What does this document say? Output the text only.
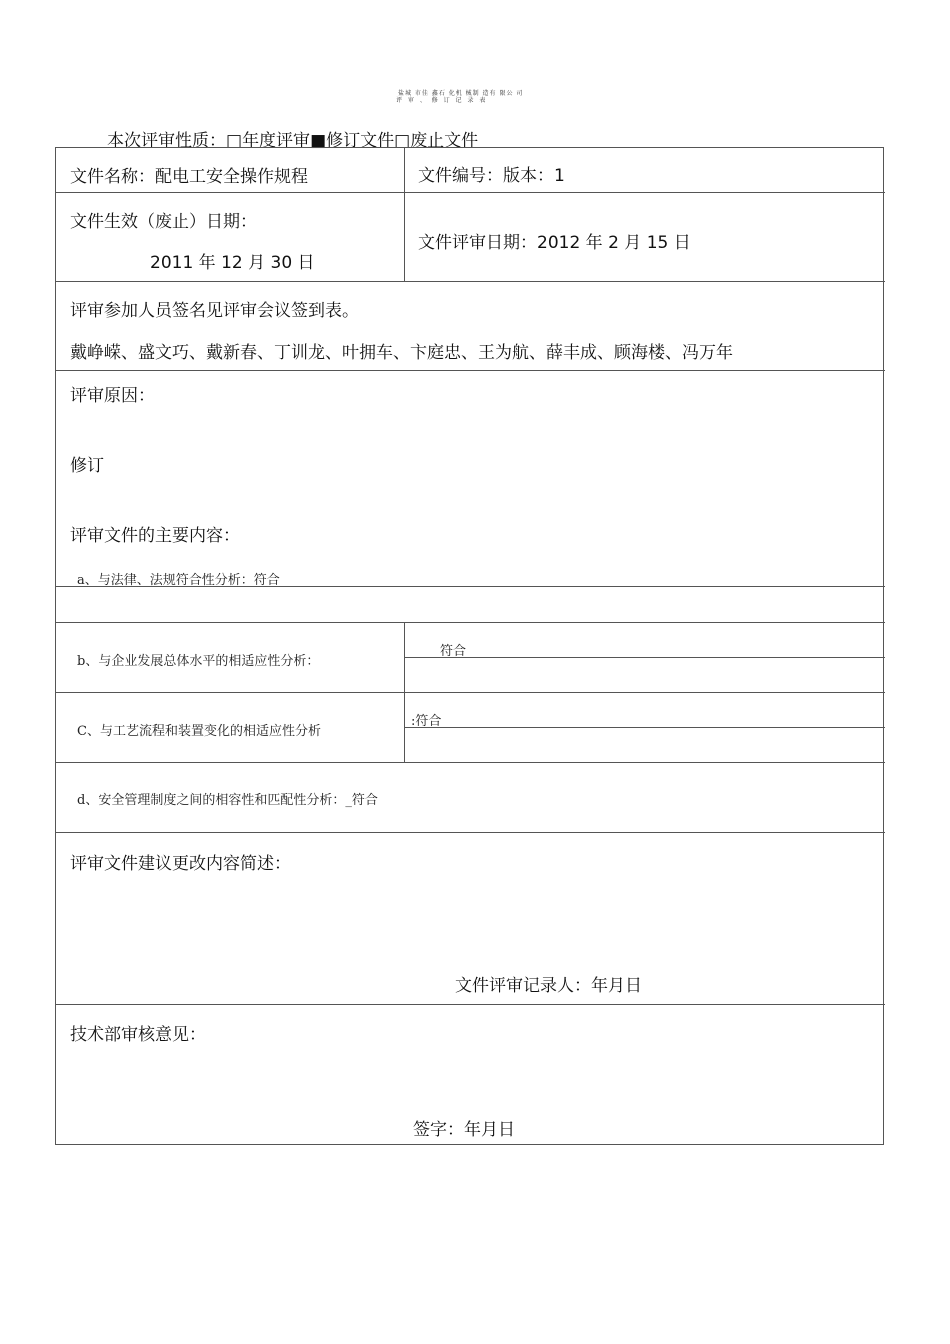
盐城 市佳 鑫石 化机 械制 造有 限公 司
评 审 、 修 订 记 录 表
本次评审性质：□年度评审■修订文件□废止文件
文件名称：配电工安全操作规程	文件编号：版本：1
文件生效（废止）日期：
2011 年 12 月 30 日
文件评审日期：2012 年 2 月 15 日
评审参加人员签名见评审会议签到表。
戴峥嵘、盛文巧、戴新春、丁训龙、叶拥车、卞庭忠、王为航、薛丰成、顾海楼、冯万年
评审原因：
修订
评审文件的主要内容：
a、与法律、法规符合性分析：符合
b、与企业发展总体水平的相适应性分析：
符合
C、与工艺流程和装置变化的相适应性分析
:符合
d、安全管理制度之间的相容性和匹配性分析：_符合
评审文件建议更改内容简述：
文件评审记录人：年月日
技术部审核意见：
签字：年月日
